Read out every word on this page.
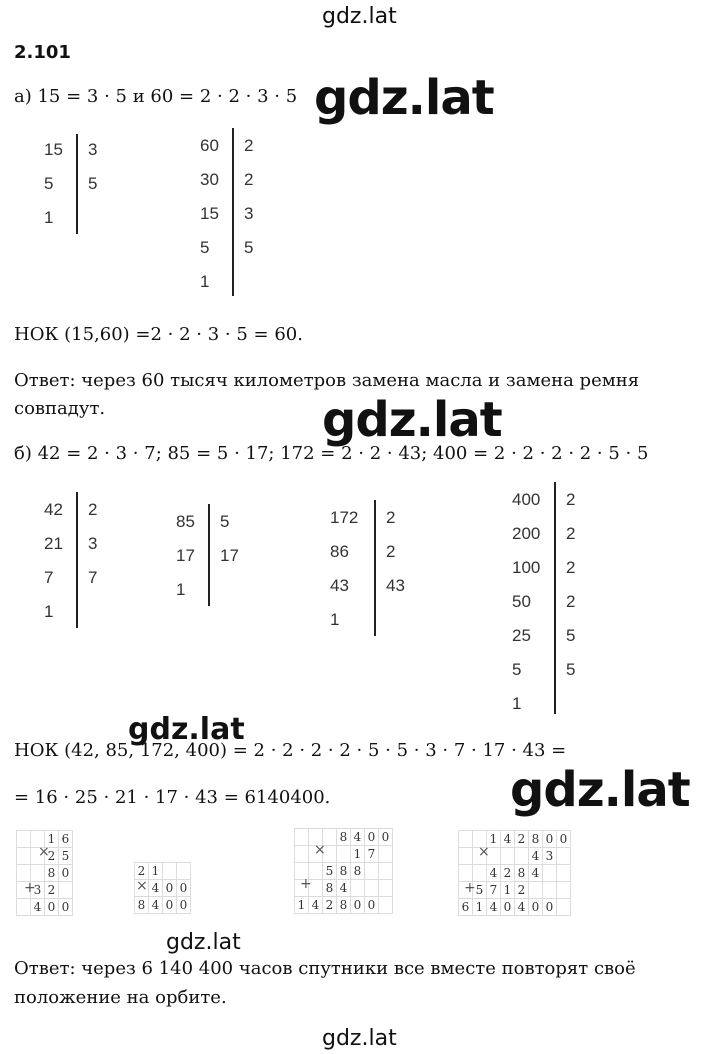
gdz.lat
gdz.lat
gdz.lat
gdz.lat
gdz.lat
gdz.lat
gdz.lat
2.101
а) 15 = 3 · 5 и 60 = 2 · 2 · 3 · 5
15 3
5 5
1
60 2
30 2
15 3
5 5
1
НОК (15,60) =2 · 2 · 3 · 5 = 60.
Ответ: через 60 тысяч километров замена масла и замена ремня
совпадут.
б) 42 = 2 · 3 · 7; 85 = 5 · 17; 172 = 2 · 2 · 43; 400 = 2 · 2 · 2 · 2 · 5 · 5
42 2
21 3
7 7
1
85 5
17 17
1
172 2
86 2
43 43
1
400 2
200 2
100 2
50 2
25 5
5	5
1
НОК (42, 85, 172, 400) = 2 · 2 · 2 · 2 · 5 · 5 · 3 · 7 · 17 · 43 =
= 16 · 25 · 21 · 17 · 43 = 6140400.
×
+
		1	6
		2	5
		8	0
	3	2	
	4	0	0
×
2	1		
	4	0	0
8	4	0	0
×
+
			8	4	0	0
				1	7	
		5	8	8		
		8	4			
1	4	2	8	0	0	
×
+
		1	4	2	8	0	0
					4	3	
		4	2	8	4		
	5	7	1	2			
6	1	4	0	4	0	0	
Ответ: через 6 140 400 часов спутники все вместе повторят своё
положение на орбите.
